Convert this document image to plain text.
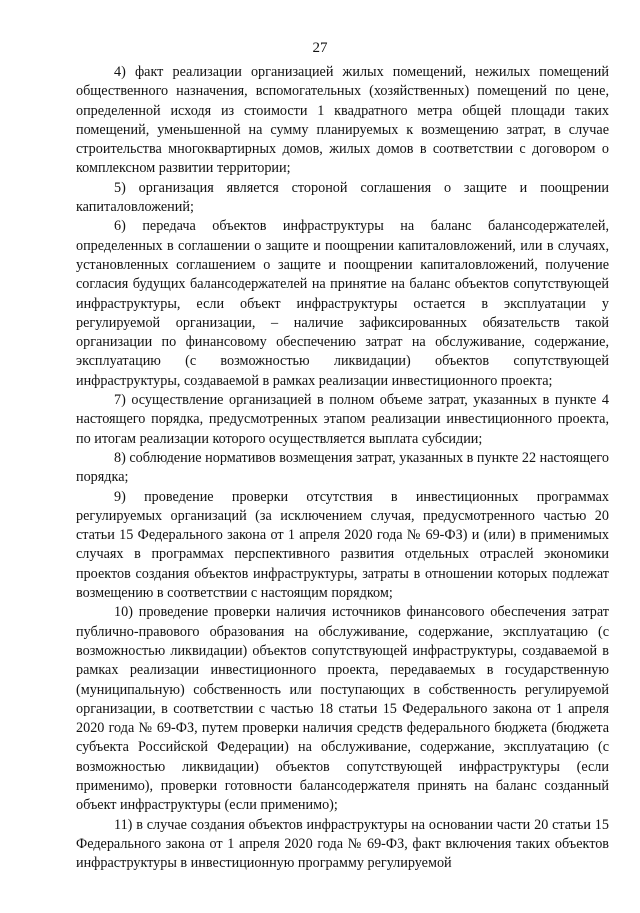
27

4) факт реализации организацией жилых помещений, нежилых помещений общественного назначения, вспомогательных (хозяйственных) помещений по цене, определенной исходя из стоимости 1 квадратного метра общей площади таких помещений, уменьшенной на сумму планируемых к возмещению затрат, в случае строительства многоквартирных домов, жилых домов в соответствии с договором о комплексном развитии территории;

5) организация является стороной соглашения о защите и поощрении капиталовложений;

6) передача объектов инфраструктуры на баланс балансодержателей, определенных в соглашении о защите и поощрении капиталовложений, или в случаях, установленных соглашением о защите и поощрении капиталовложений, получение согласия будущих балансодержателей на принятие на баланс объектов сопутствующей инфраструктуры, если объект инфраструктуры остается в эксплуатации у регулируемой организации, – наличие зафиксированных обязательств такой организации по финансовому обеспечению затрат на обслуживание, содержание, эксплуатацию (с возможностью ликвидации) объектов сопутствующей инфраструктуры, создаваемой в рамках реализации инвестиционного проекта;

7) осуществление организацией в полном объеме затрат, указанных в пункте 4 настоящего порядка, предусмотренных этапом реализации инвестиционного проекта, по итогам реализации которого осуществляется выплата субсидии;

8) соблюдение нормативов возмещения затрат, указанных в пункте 22 настоящего порядка;

9) проведение проверки отсутствия в инвестиционных программах регулируемых организаций (за исключением случая, предусмотренного частью 20 статьи 15 Федерального закона от 1 апреля 2020 года № 69-ФЗ) и (или) в применимых случаях в программах перспективного развития отдельных отраслей экономики проектов создания объектов инфраструктуры, затраты в отношении которых подлежат возмещению в соответствии с настоящим порядком;

10) проведение проверки наличия источников финансового обеспечения затрат публично-правового образования на обслуживание, содержание, эксплуатацию (с возможностью ликвидации) объектов сопутствующей инфраструктуры, создаваемой в рамках реализации инвестиционного проекта, передаваемых в государственную (муниципальную) собственность или поступающих в собственность регулируемой организации, в соответствии с частью 18 статьи 15 Федерального закона от 1 апреля 2020 года № 69-ФЗ, путем проверки наличия средств федерального бюджета (бюджета субъекта Российской Федерации) на обслуживание, содержание, эксплуатацию (с возможностью ликвидации) объектов сопутствующей инфраструктуры (если применимо), проверки готовности балансодержателя принять на баланс созданный объект инфраструктуры (если применимо);

11) в случае создания объектов инфраструктуры на основании части 20 статьи 15 Федерального закона от 1 апреля 2020 года № 69-ФЗ, факт включения таких объектов инфраструктуры в инвестиционную программу регулируемой
